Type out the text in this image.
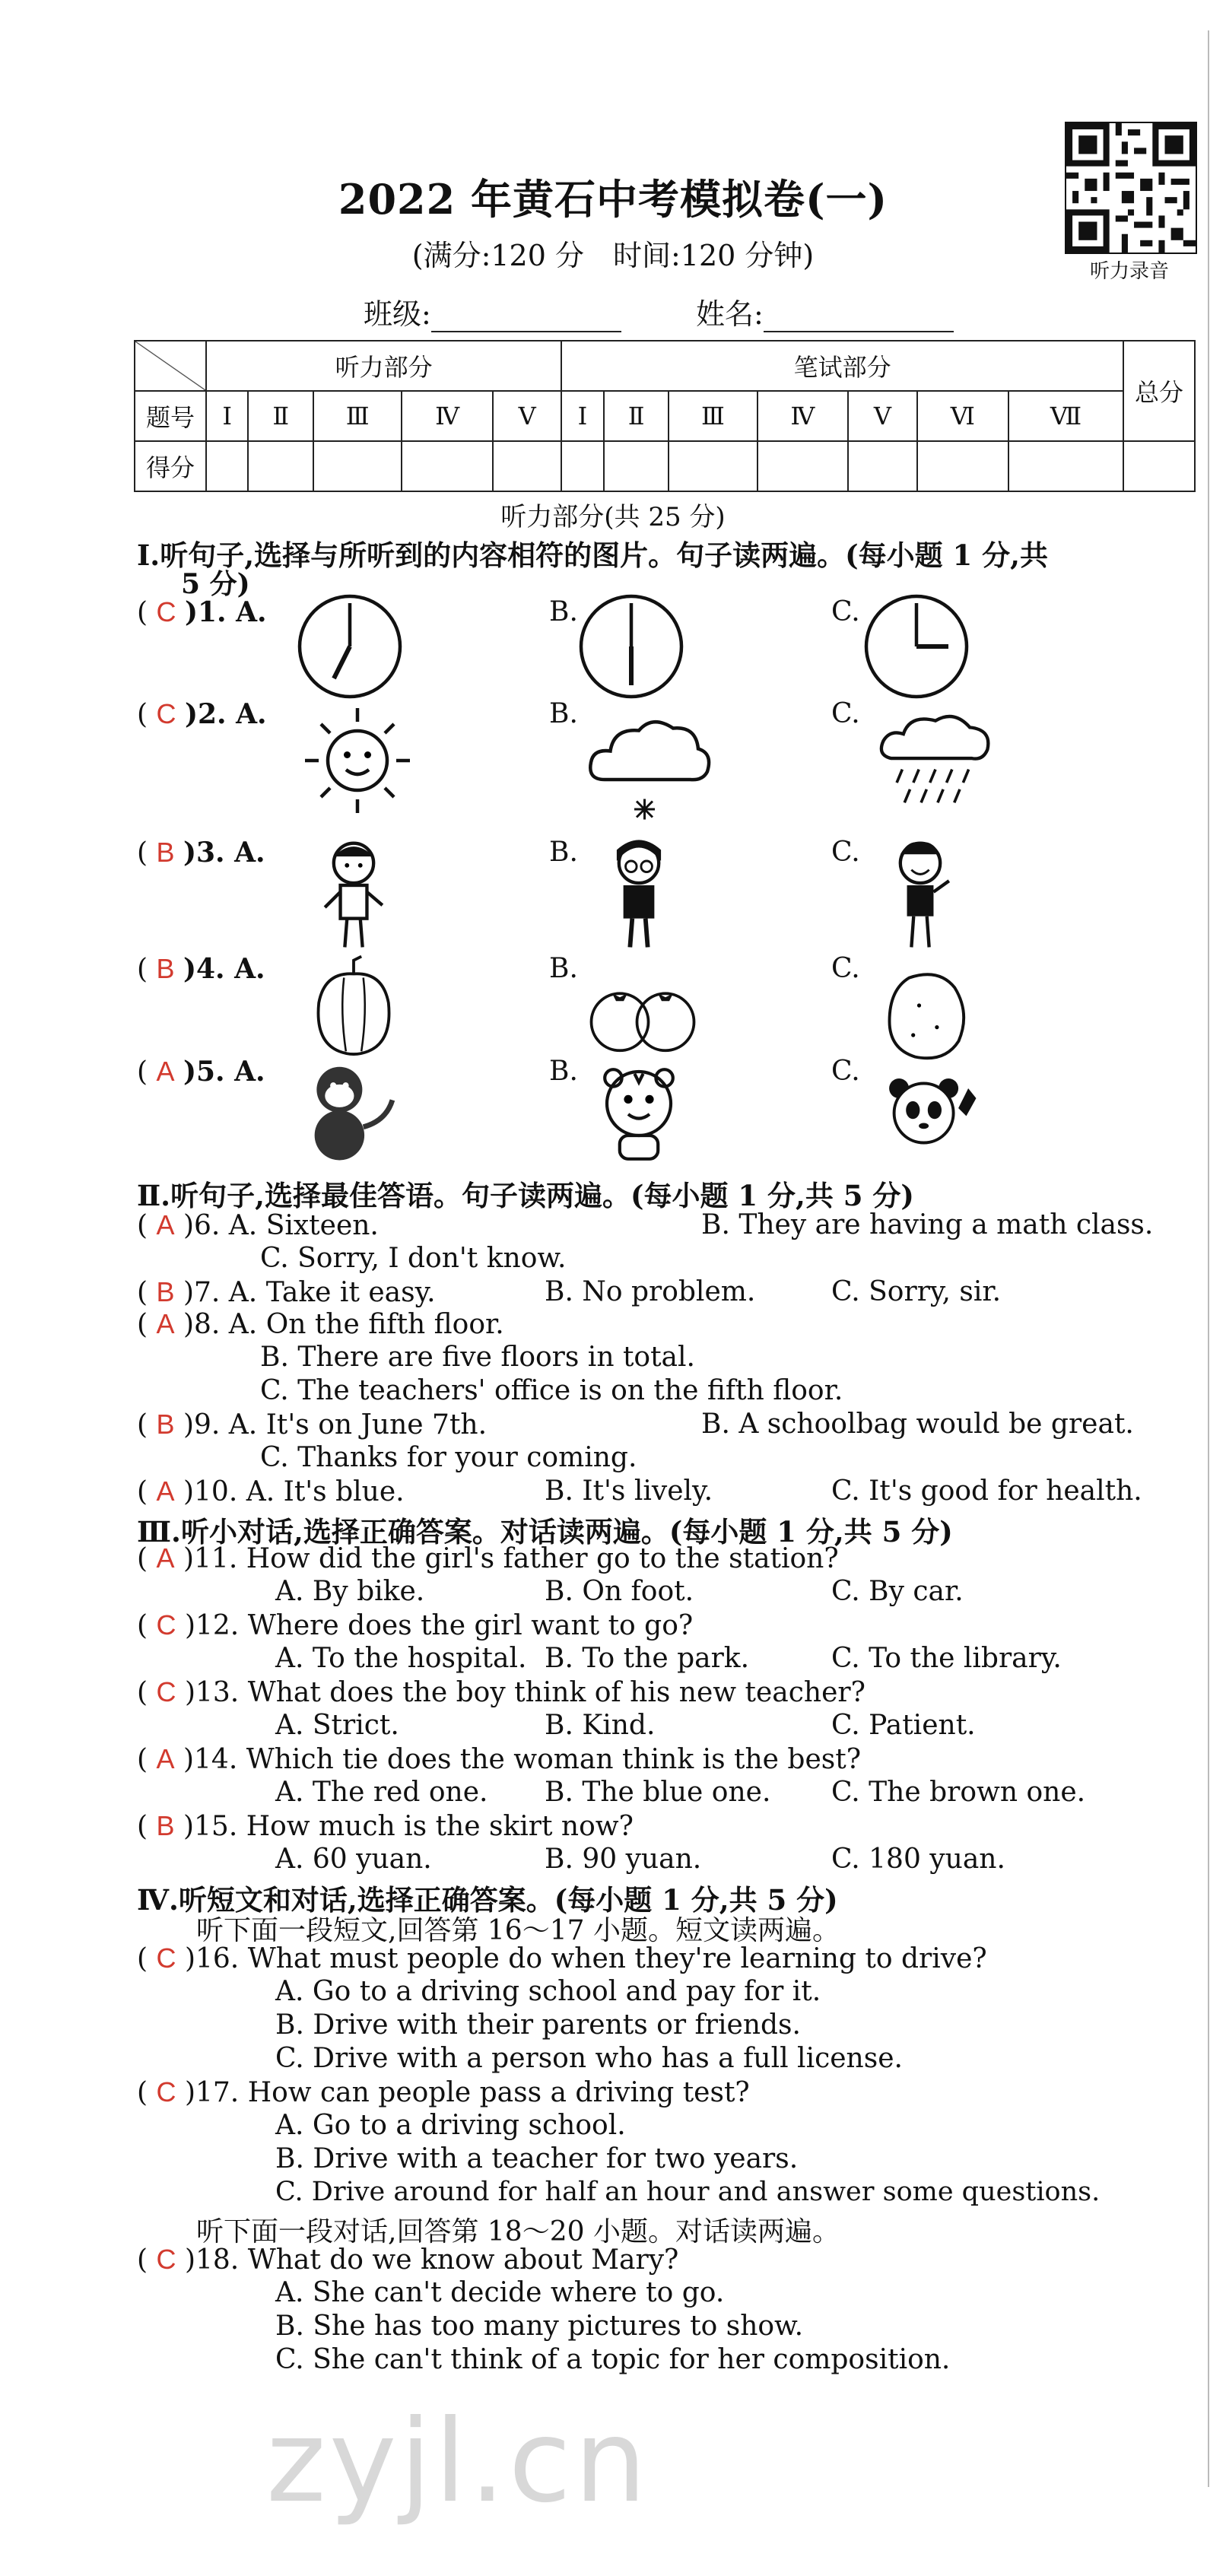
2022 年黄石中考模拟卷(一)
(满分:120 分　时间:120 分钟)
班级:	姓名:
听力录音
	听力部分					笔试部分							总分
题号	Ⅰ	Ⅱ	Ⅲ	Ⅳ	Ⅴ	Ⅰ	Ⅱ	Ⅲ	Ⅳ	Ⅴ	Ⅵ	Ⅶ	
得分													
听力部分(共 25 分)
Ⅰ.听句子,选择与所听到的内容相符的图片。句子读两遍。(每小题 1 分,共
5 分)
( C )1. A.	B.	C.
( C )2. A.	B.	C.
( B )3. A.	B.	C.
( B )4. A.	B.	C.
( A )5. A.	B.	C.
Ⅱ.听句子,选择最佳答语。句子读两遍。(每小题 1 分,共 5 分)
( A )6. A. Sixteen.	B. They are having a math class.
C. Sorry, I don't know.
( B )7. A. Take it easy.	B. No problem.	C. Sorry, sir.
( A )8. A. On the fifth floor.
B. There are five floors in total.
C. The teachers' office is on the fifth floor.
( B )9. A. It's on June 7th.	B. A schoolbag would be great.
C. Thanks for your coming.
( A )10. A. It's blue.	B. It's lively.	C. It's good for health.
Ⅲ.听小对话,选择正确答案。对话读两遍。(每小题 1 分,共 5 分)
( A )11. How did the girl's father go to the station?
A. By bike.	B. On foot.	C. By car.
( C )12. Where does the girl want to go?
A. To the hospital. B. To the park.	C. To the library.
( C )13. What does the boy think of his new teacher?
A. Strict.	B. Kind.	C. Patient.
( A )14. Which tie does the woman think is the best?
A. The red one. B. The blue one. C. The brown one.
( B )15. How much is the skirt now?
A. 60 yuan.	B. 90 yuan.	C. 180 yuan.
Ⅳ.听短文和对话,选择正确答案。(每小题 1 分,共 5 分)
听下面一段短文,回答第 16～17 小题。短文读两遍。
( C )16. What must people do when they're learning to drive?
A. Go to a driving school and pay for it.
B. Drive with their parents or friends.
C. Drive with a person who has a full license.
( C )17. How can people pass a driving test?
A. Go to a driving school.
B. Drive with a teacher for two years.
C. Drive around for half an hour and answer some questions.
听下面一段对话,回答第 18～20 小题。对话读两遍。
( C )18. What do we know about Mary?
A. She can't decide where to go.
B. She has too many pictures to show.
C. She can't think of a topic for her composition.
zyjl.cn
